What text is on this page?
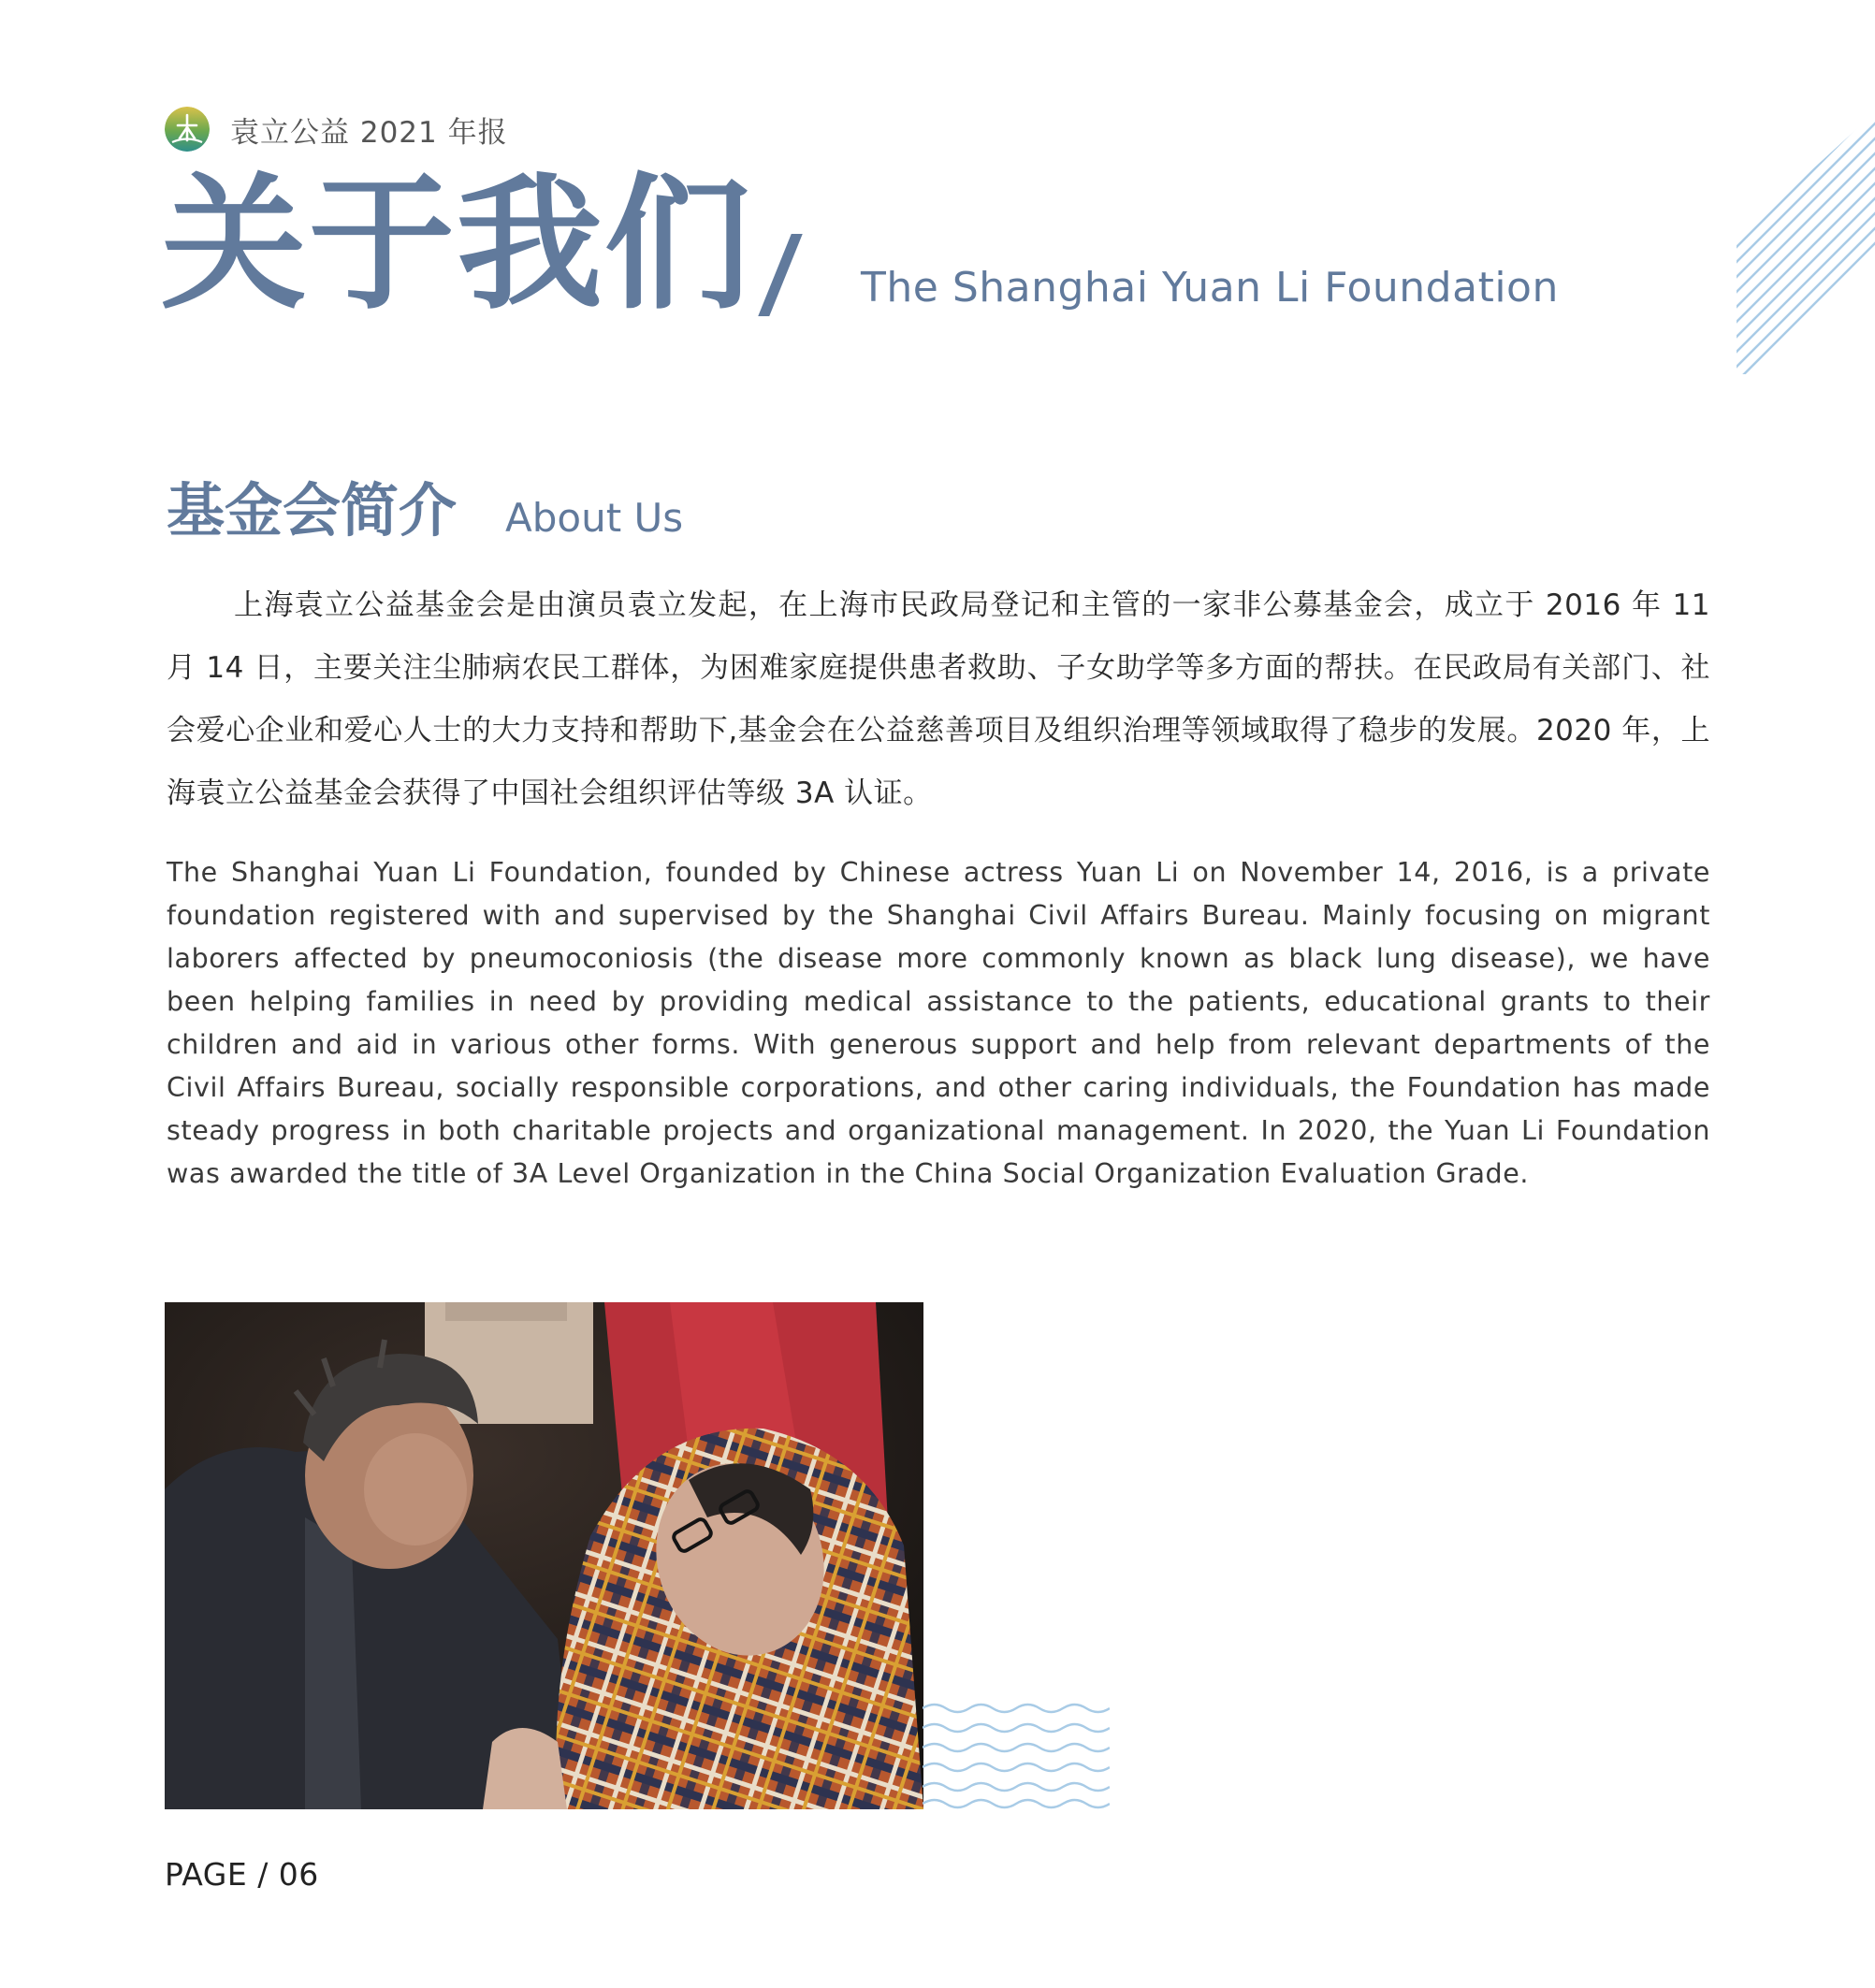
袁立公益 2021 年报
关于我们	The Shanghai Yuan Li Foundation
基金会简介 About Us

上海袁立公益基金会是由演员袁立发起，在上海市民政局登记和主管的一家非公募基金会，成立于 2016 年 11 月 14 日，主要关注尘肺病农民工群体，为困难家庭提供患者救助、子女助学等多方面的帮扶。在民政局有关部门、社会爱心企业和爱心人士的大力支持和帮助下,基金会在公益慈善项目及组织治理等领域取得了稳步的发展。2020 年，上海袁立公益基金会获得了中国社会组织评估等级 3A 认证。

The Shanghai Yuan Li Foundation, founded by Chinese actress Yuan Li on November 14, 2016, is a private foundation registered with and supervised by the Shanghai Civil Affairs Bureau. Mainly focusing on migrant laborers affected by pneumoconiosis (the disease more commonly known as black lung disease), we have been helping families in need by providing medical assistance to the patients, educational grants to their children and aid in various other forms. With generous support and help from relevant departments of the Civil Affairs Bureau, socially responsible corporations, and other caring individuals, the Foundation has made steady progress in both charitable projects and organizational management. In 2020, the Yuan Li Foundation was awarded the title of 3A Level Organization in the China Social Organization Evaluation Grade.

PAGE / 06
